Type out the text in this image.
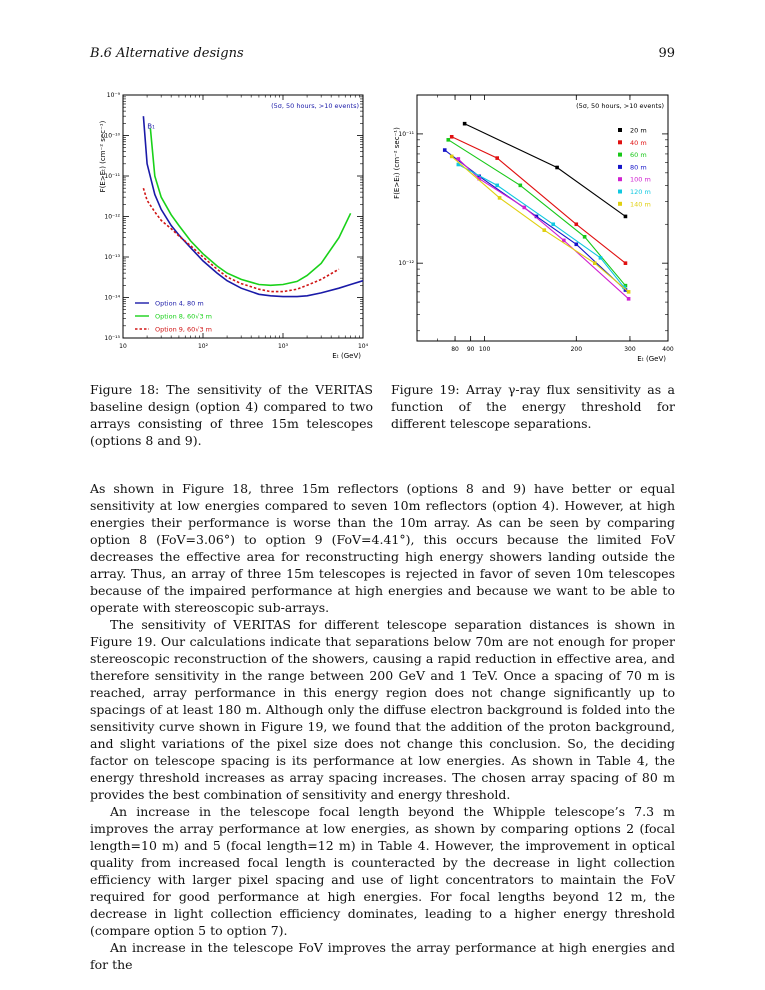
B.6 Alternative designs	99
10	10²	10³	10⁴
10⁻¹⁵
10⁻¹⁴
10⁻¹³
10⁻¹²
10⁻¹¹
10⁻¹⁰
10⁻⁹
Eₜ (GeV)
F(E>Eₜ) (cm⁻² sec⁻¹)
(5σ, 50 hours, >10 events)
B₁
Option 4, 80 m
Option 8, 60√3 m
Option 9, 60√3 m
80 90 100	200	300	400
10⁻¹²
10⁻¹¹
Eₜ (GeV)
F(E>Eₜ) (cm⁻² sec⁻¹)
(5σ, 50 hours, >10 events)
20 m
40 m
60 m
80 m
100 m
120 m
140 m
Figure 18: The sensitivity of the VERITAS baseline design (option 4) compared to two arrays consisting of three 15m telescopes (options 8 and 9).
Figure 19: Array γ-ray flux sensitivity as a function of the energy threshold for different telescope separations.

As shown in Figure 18, three 15m reflectors (options 8 and 9) have better or equal sensitivity at low energies compared to seven 10m reflectors (option 4). However, at high energies their performance is worse than the 10m array. As can be seen by comparing option 8 (FoV=3.06°) to option 9 (FoV=4.41°), this occurs because the limited FoV decreases the effective area for reconstructing high energy showers landing outside the array. Thus, an array of three 15m telescopes is rejected in favor of seven 10m telescopes because of the impaired performance at high energies and because we want to be able to operate with stereoscopic sub-arrays.

The sensitivity of VERITAS for different telescope separation distances is shown in Figure 19. Our calculations indicate that separations below 70m are not enough for proper stereoscopic reconstruction of the showers, causing a rapid reduction in effective area, and therefore sensitivity in the range between 200 GeV and 1 TeV. Once a spacing of 70 m is reached, array performance in this energy region does not change significantly up to spacings of at least 180 m. Although only the diffuse electron background is folded into the sensitivity curve shown in Figure 19, we found that the addition of the proton background, and slight variations of the pixel size does not change this conclusion. So, the deciding factor on telescope spacing is its performance at low energies. As shown in Table 4, the energy threshold increases as array spacing increases. The chosen array spacing of 80 m provides the best combination of sensitivity and energy threshold.

An increase in the telescope focal length beyond the Whipple telescope’s 7.3 m improves the array performance at low energies, as shown by comparing options 2 (focal length=10 m) and 5 (focal length=12 m) in Table 4. However, the improvement in optical quality from increased focal length is counteracted by the decrease in light collection efficiency with larger pixel spacing and use of light concentrators to maintain the FoV required for good performance at high energies. For focal lengths beyond 12 m, the decrease in light collection efficiency dominates, leading to a higher energy threshold (compare option 5 to option 7).

An increase in the telescope FoV improves the array performance at high energies and for the
